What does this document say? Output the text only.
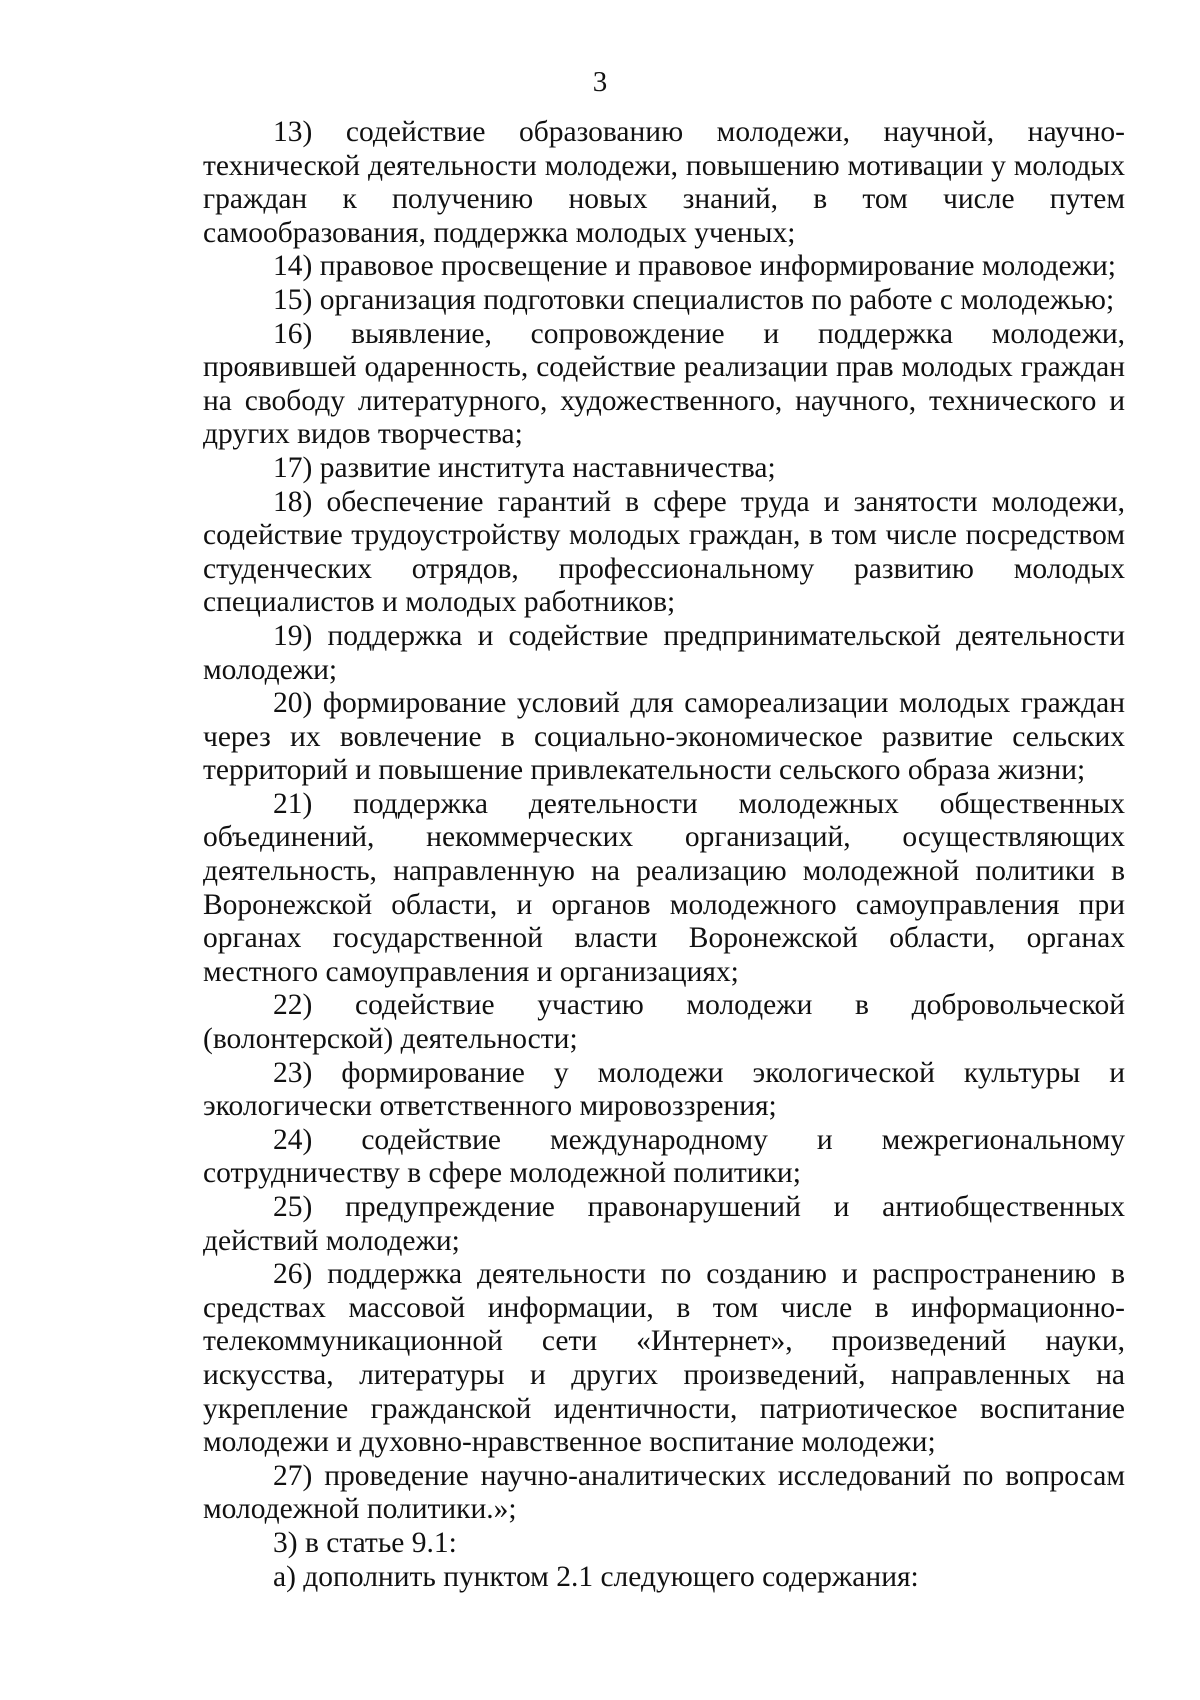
3

13) содействие образованию молодежи, научной, научно-технической деятельности молодежи, повышению мотивации у молодых граждан к получению новых знаний, в том числе путем самообразования, поддержка молодых ученых;

14) правовое просвещение и правовое информирование молодежи;

15) организация подготовки специалистов по работе с молодежью;

16) выявление, сопровождение и поддержка молодежи, проявившей одаренность, содействие реализации прав молодых граждан на свободу литературного, художественного, научного, технического и других видов творчества;

17) развитие института наставничества;

18) обеспечение гарантий в сфере труда и занятости молодежи, содействие трудоустройству молодых граждан, в том числе посредством студенческих отрядов, профессиональному развитию молодых специалистов и молодых работников;

19) поддержка и содействие предпринимательской деятельности молодежи;

20) формирование условий для самореализации молодых граждан через их вовлечение в социально-экономическое развитие сельских территорий и повышение привлекательности сельского образа жизни;

21) поддержка деятельности молодежных общественных объединений, некоммерческих организаций, осуществляющих деятельность, направленную на реализацию молодежной политики в Воронежской области, и органов молодежного самоуправления при органах государственной власти Воронежской области, органах местного самоуправления и организациях;

22) содействие участию молодежи в добровольческой (волонтерской) деятельности;

23) формирование у молодежи экологической культуры и экологически ответственного мировоззрения;

24) содействие международному и межрегиональному сотрудничеству в сфере молодежной политики;

25) предупреждение правонарушений и антиобщественных действий молодежи;

26) поддержка деятельности по созданию и распространению в средствах массовой информации, в том числе в информационно-телекоммуникационной сети «Интернет», произведений науки, искусства, литературы и других произведений, направленных на укрепление гражданской идентичности, патриотическое воспитание молодежи и духовно-нравственное воспитание молодежи;

27) проведение научно-аналитических исследований по вопросам молодежной политики.»;

3) в статье 9.1:

а) дополнить пунктом 2.1 следующего содержания:
